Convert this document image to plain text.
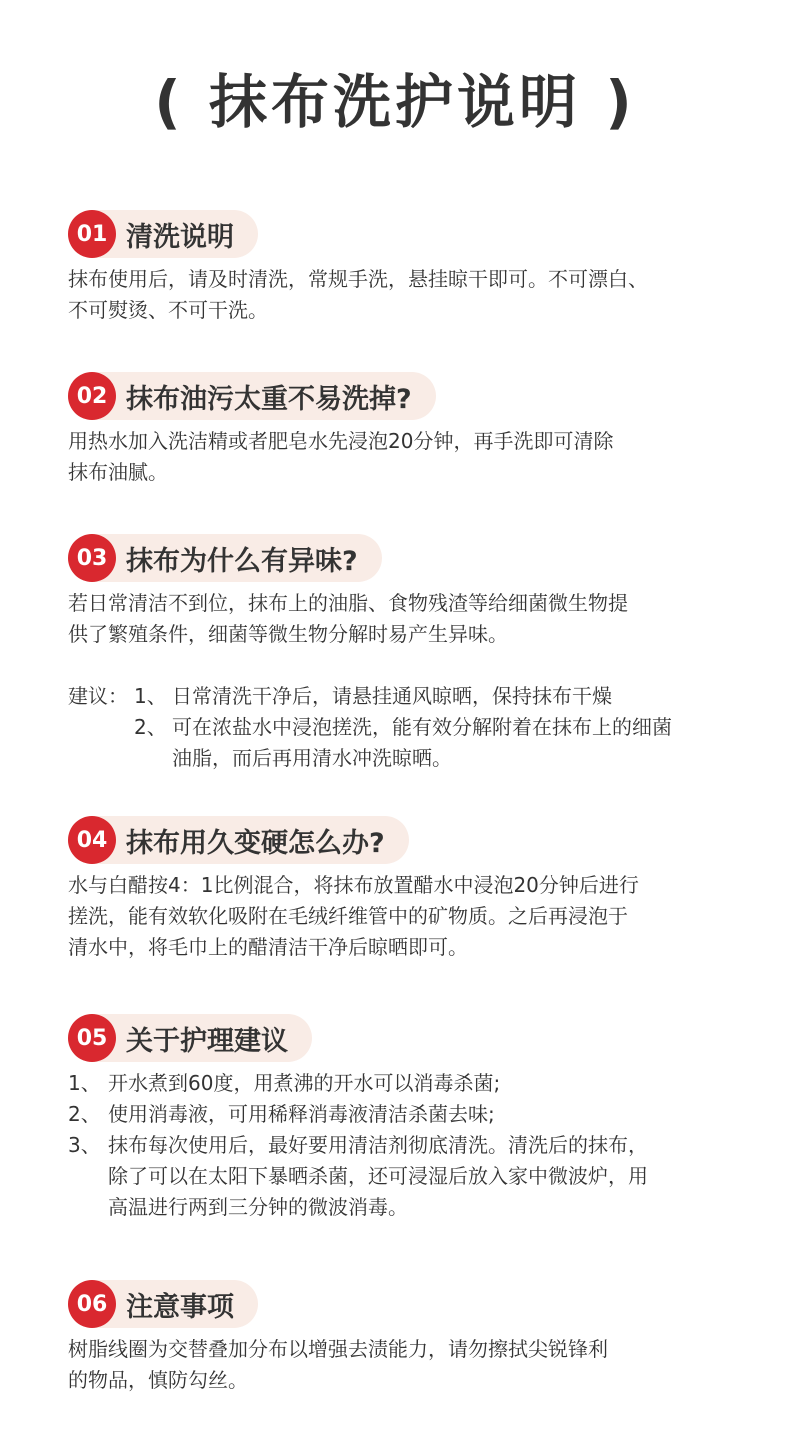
( 抹布洗护说明 )
01 清洗说明
抹布使用后，请及时清洗，常规手洗，悬挂晾干即可。不可漂白、
不可熨烫、不可干洗。
02 抹布油污太重不易洗掉?
用热水加入洗洁精或者肥皂水先浸泡20分钟，再手洗即可清除
抹布油腻。
03 抹布为什么有异味?
若日常清洁不到位，抹布上的油脂、食物残渣等给细菌微生物提
供了繁殖条件，细菌等微生物分解时易产生异味。
建议： 1、 日常清洗干净后，请悬挂通风晾晒，保持抹布干燥
2、 可在浓盐水中浸泡搓洗，能有效分解附着在抹布上的细菌
油脂，而后再用清水冲洗晾晒。
04 抹布用久变硬怎么办?
水与白醋按4：1比例混合，将抹布放置醋水中浸泡20分钟后进行
搓洗，能有效软化吸附在毛绒纤维管中的矿物质。之后再浸泡于
清水中，将毛巾上的醋清洁干净后晾晒即可。
05 关于护理建议
1、 开水煮到60度，用煮沸的开水可以消毒杀菌;
2、 使用消毒液，可用稀释消毒液清洁杀菌去味;
3、 抹布每次使用后，最好要用清洁剂彻底清洗。清洗后的抹布，
除了可以在太阳下暴晒杀菌，还可浸湿后放入家中微波炉，用
高温进行两到三分钟的微波消毒。
06 注意事项
树脂线圈为交替叠加分布以增强去渍能力，请勿擦拭尖锐锋利
的物品，慎防勾丝。
